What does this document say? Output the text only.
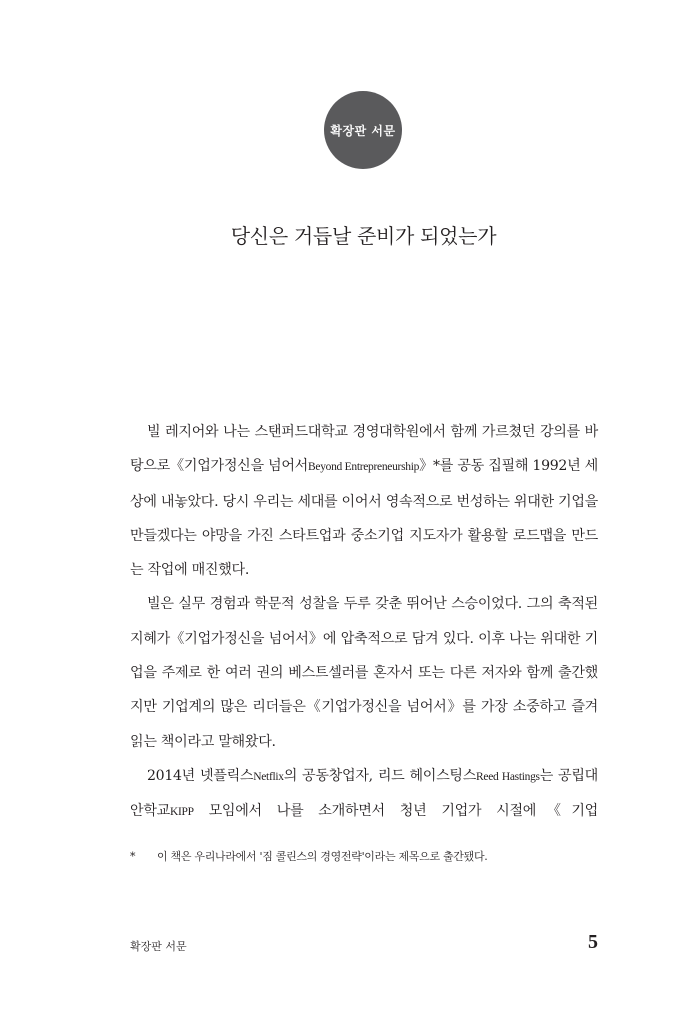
확장판 서문
당신은 거듭날 준비가 되었는가

빌 레지어와 나는 스탠퍼드대학교 경영대학원에서 함께 가르쳤던 강의를 바탕으로《기업가정신을 넘어서Beyond Entrepreneurship》*를 공동 집필해 1992년 세상에 내놓았다. 당시 우리는 세대를 이어서 영속적으로 번성하는 위대한 기업을 만들겠다는 야망을 가진 스타트업과 중소기업 지도자가 활용할 로드맵을 만드는 작업에 매진했다.

빌은 실무 경험과 학문적 성찰을 두루 갖춘 뛰어난 스승이었다. 그의 축적된 지혜가《기업가정신을 넘어서》에 압축적으로 담겨 있다. 이후 나는 위대한 기업을 주제로 한 여러 권의 베스트셀러를 혼자서 또는 다른 저자와 함께 출간했지만 기업계의 많은 리더들은《기업가정신을 넘어서》를 가장 소중하고 즐겨 읽는 책이라고 말해왔다.

2014년 넷플릭스Netflix의 공동창업자, 리드 헤이스팅스Reed Hastings는 공립대안학교KIPP 모임에서 나를 소개하면서 청년 기업가 시절에《기업

* 이 책은 우리나라에서 '짐 콜린스의 경영전략'이라는 제목으로 출간됐다.
확장판 서문	5
